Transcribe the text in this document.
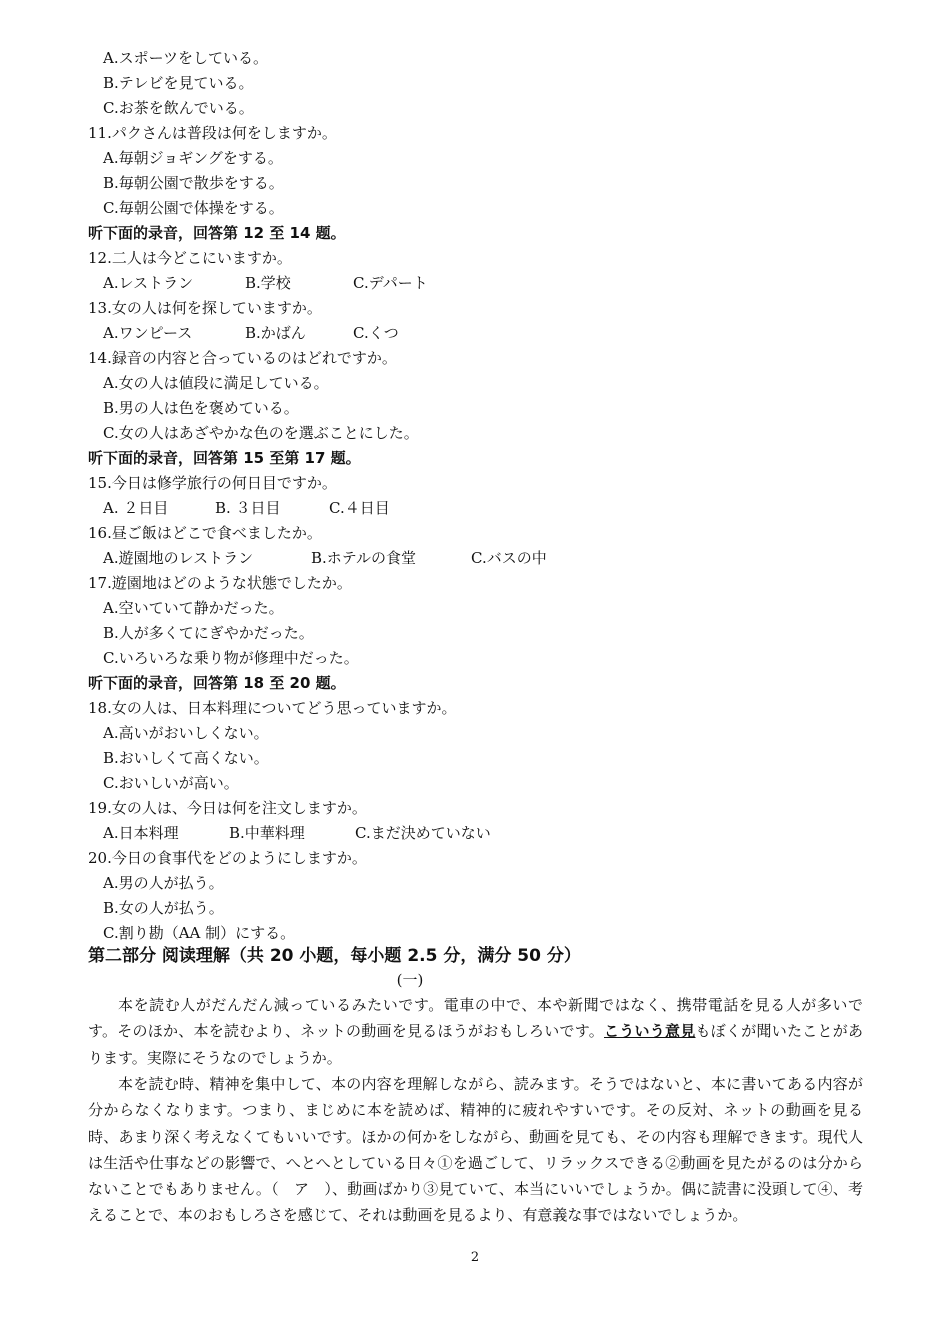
A.スポーツをしている。
B.テレビを見ている。
C.お茶を飲んでいる。
11.パクさんは普段は何をしますか。
A.毎朝ジョギングをする。
B.毎朝公園で散歩をする。
C.毎朝公園で体操をする。
听下面的录音，回答第 12 至 14 题。
12.二人は今どこにいますか。
A.レストラン	B.学校	C.デパート
13.女の人は何を探していますか。
A.ワンピース	B.かばん	C.くつ
14.録音の内容と合っているのはどれですか。
A.女の人は値段に満足している。
B.男の人は色を褒めている。
C.女の人はあざやかな色のを選ぶことにした。
听下面的录音，回答第 15 至第 17 题。
15.今日は修学旅行の何日目ですか。
A. ２日目	B. ３日目	C.４日目
16.昼ご飯はどこで食べましたか。
A.遊園地のレストラン	B.ホテルの食堂	C.バスの中
17.遊園地はどのような状態でしたか。
A.空いていて静かだった。
B.人が多くてにぎやかだった。
C.いろいろな乗り物が修理中だった。
听下面的录音，回答第 18 至 20 题。
18.女の人は、日本料理についてどう思っていますか。
A.高いがおいしくない。
B.おいしくて高くない。
C.おいしいが高い。
19.女の人は、今日は何を注文しますか。
A.日本料理	B.中華料理	C.まだ決めていない
20.今日の食事代をどのようにしますか。
A.男の人が払う。
B.女の人が払う。
C.割り勘（AA 制）にする。
第二部分 阅读理解（共 20 小题，每小题 2.5 分，满分 50 分）
(一)

本を読む人がだんだん減っているみたいです。電車の中で、本や新聞ではなく、携帯電話を見る人が多いです。そのほか、本を読むより、ネットの動画を見るほうがおもしろいです。こういう意見もぼくが聞いたことがあります。実際にそうなのでしょうか。

本を読む時、精神を集中して、本の内容を理解しながら、読みます。そうではないと、本に書いてある内容が分からなくなります。つまり、まじめに本を読めば、精神的に疲れやすいです。その反対、ネットの動画を見る時、あまり深く考えなくてもいいです。ほかの何かをしながら、動画を見ても、その内容も理解できます。現代人は生活や仕事などの影響で、へとへとしている日々①を過ごして、リラックスできる②動画を見たがるのは分からないことでもありません。（　ア　）、動画ばかり③見ていて、本当にいいでしょうか。偶に読書に没頭して④、考えることで、本のおもしろさを感じて、それは動画を見るより、有意義な事ではないでしょうか。

2
